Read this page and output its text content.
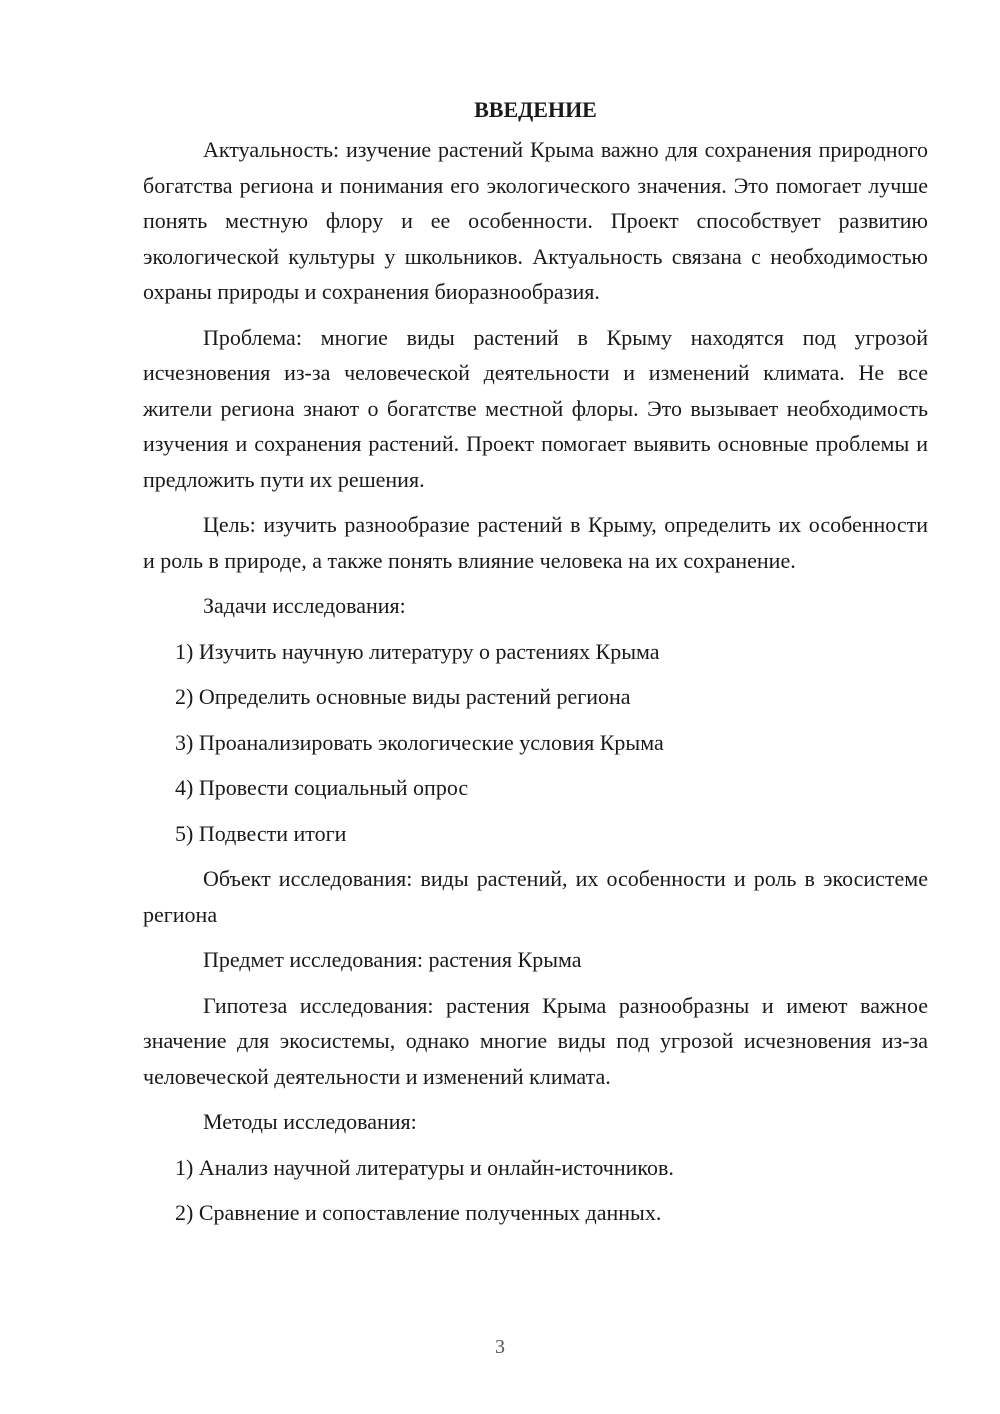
ВВЕДЕНИЕ

Актуальность: изучение растений Крыма важно для сохранения природного богатства региона и понимания его экологического значения. Это помогает лучше понять местную флору и ее особенности. Проект способствует развитию экологической культуры у школьников. Актуальность связана с необходимостью охраны природы и сохранения биоразнообразия.

Проблема: многие виды растений в Крыму находятся под угрозой исчезновения из-за человеческой деятельности и изменений климата. Не все жители региона знают о богатстве местной флоры. Это вызывает необходимость изучения и сохранения растений. Проект помогает выявить основные проблемы и предложить пути их решения.

Цель: изучить разнообразие растений в Крыму, определить их особенности и роль в природе, а также понять влияние человека на их сохранение.

Задачи исследования:

1) Изучить научную литературу о растениях Крыма
2) Определить основные виды растений региона
3) Проанализировать экологические условия Крыма
4) Провести социальный опрос
5) Подвести итоги

Объект исследования: виды растений, их особенности и роль в экосистеме региона

Предмет исследования: растения Крыма

Гипотеза исследования: растения Крыма разнообразны и имеют важное значение для экосистемы, однако многие виды под угрозой исчезновения из-за человеческой деятельности и изменений климата.

Методы исследования:

1) Анализ научной литературы и онлайн-источников.
2) Сравнение и сопоставление полученных данных.
3
